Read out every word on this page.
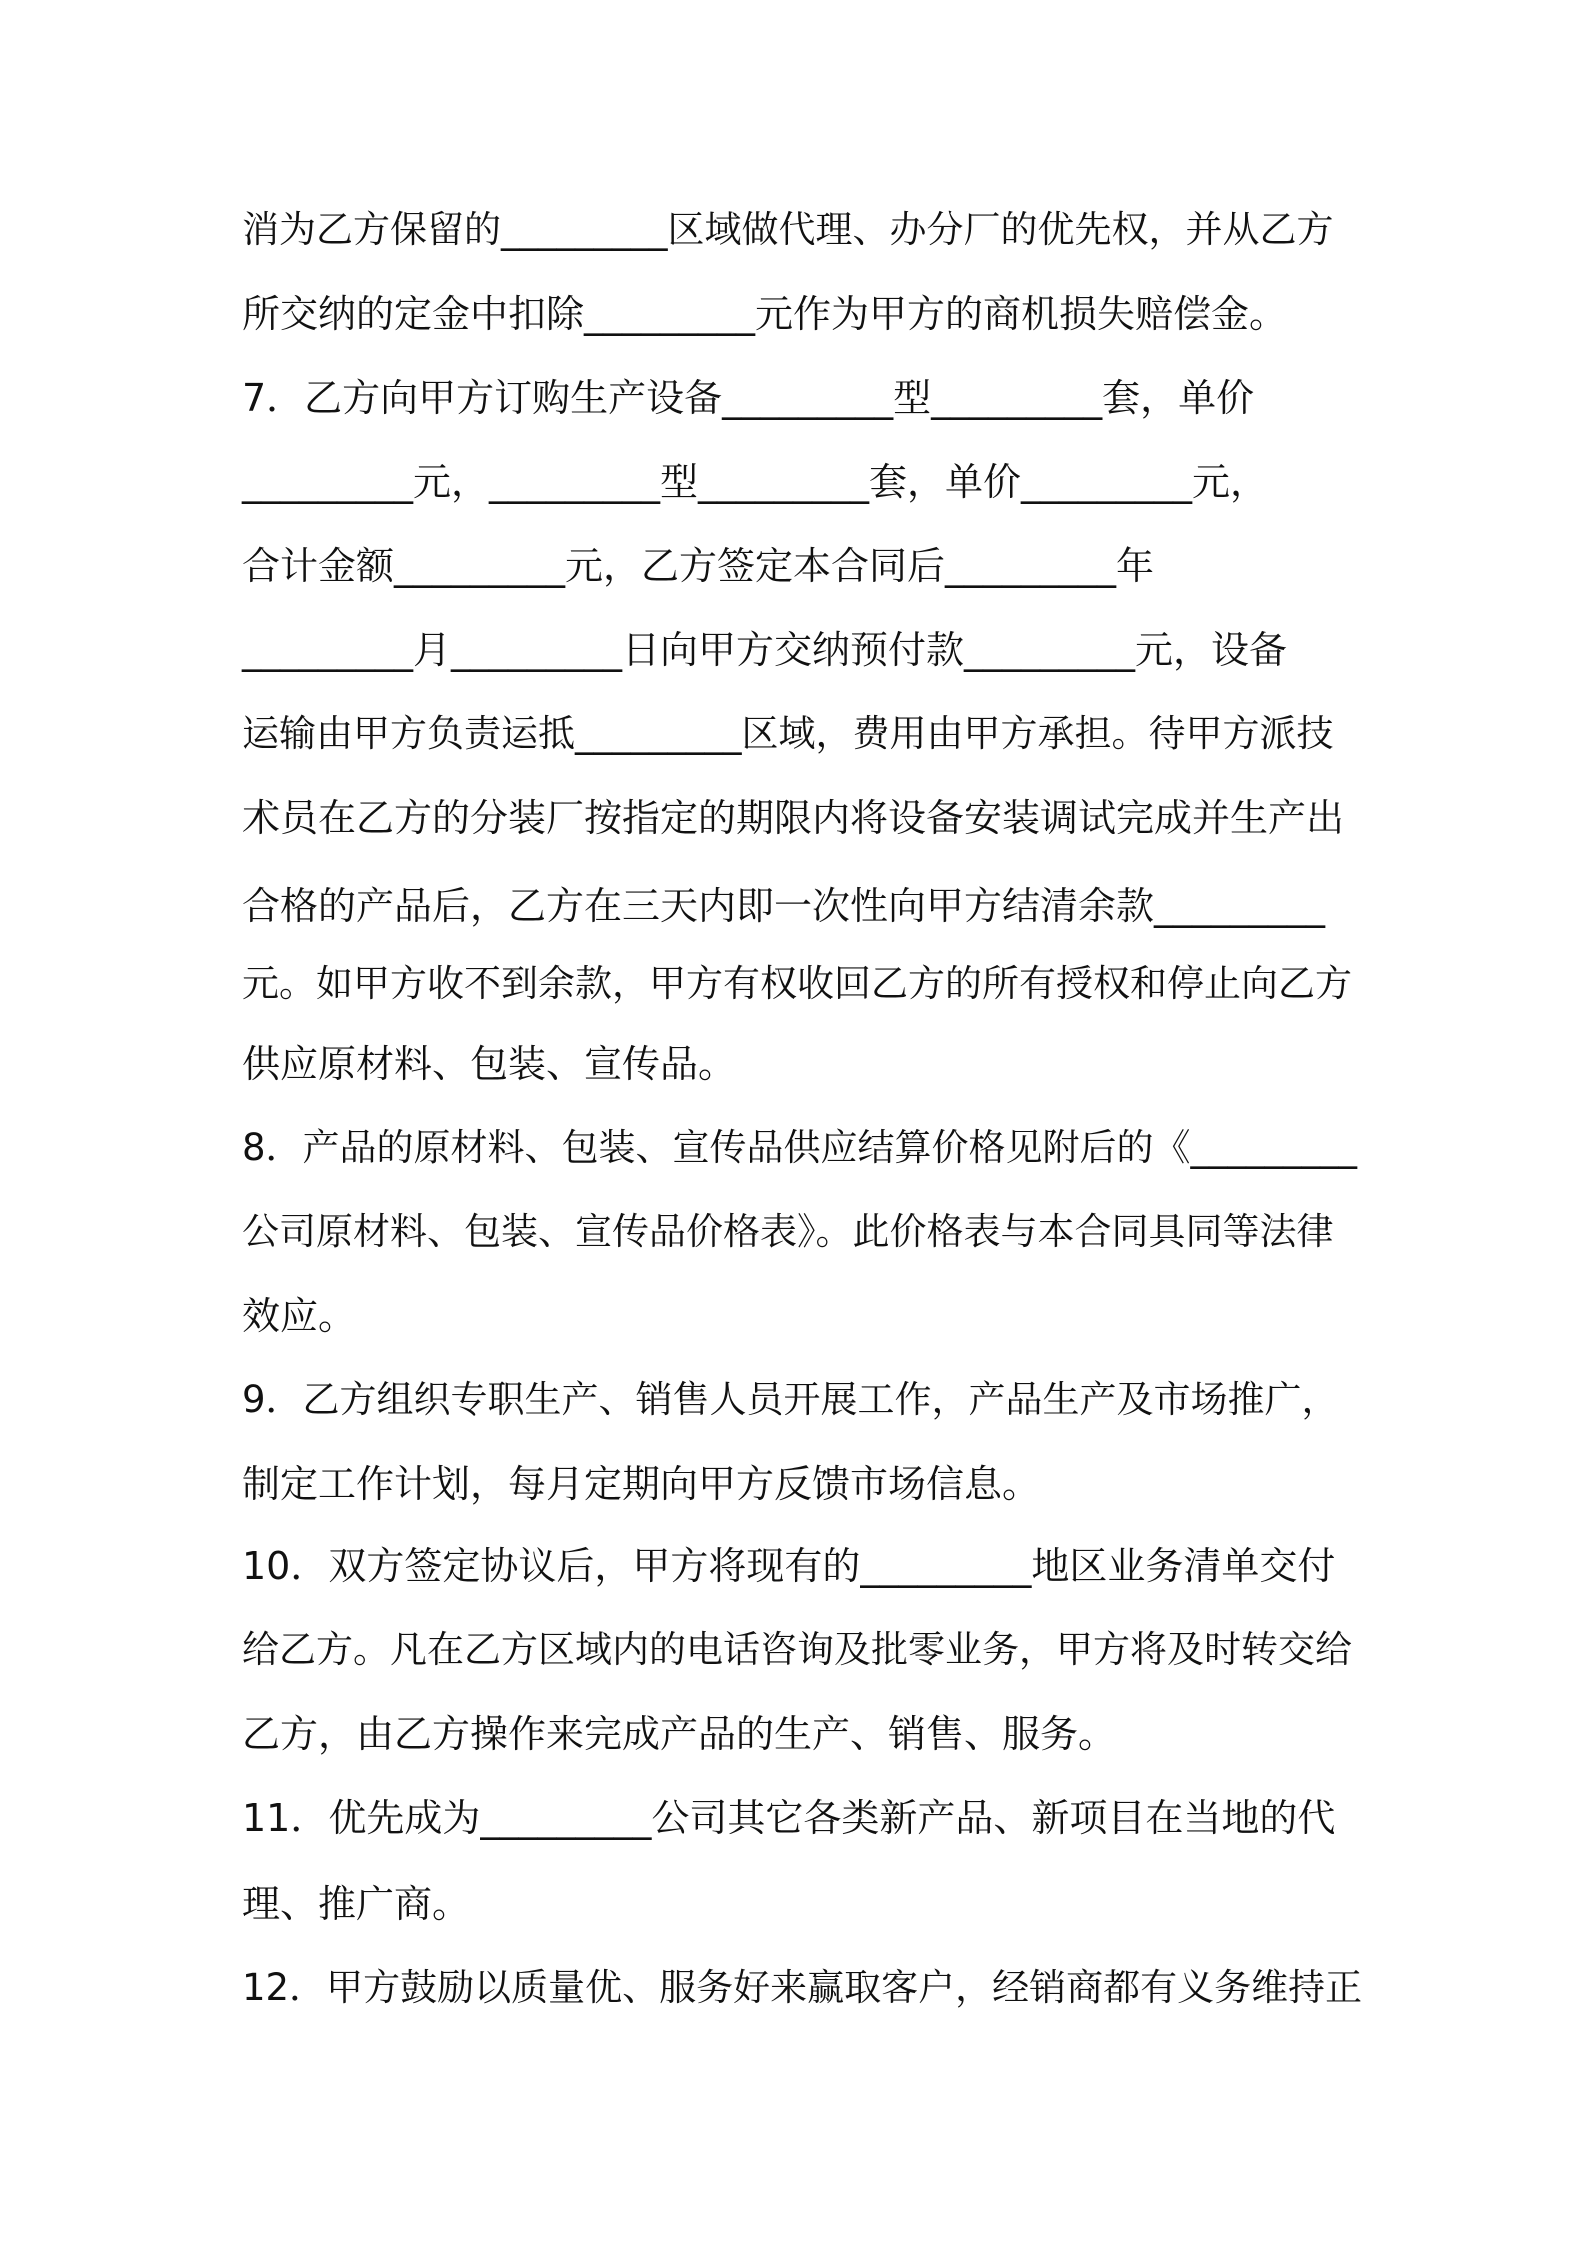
消为乙方保留的_________区域做代理、办分厂的优先权，并从乙方
所交纳的定金中扣除_________元作为甲方的商机损失赔偿金。
7．乙方向甲方订购生产设备_________型_________套，单价
_________元，_________型_________套，单价_________元，
合计金额_________元，乙方签定本合同后_________年
_________月_________日向甲方交纳预付款_________元，设备
运输由甲方负责运抵_________区域，费用由甲方承担。待甲方派技
术员在乙方的分装厂按指定的期限内将设备安装调试完成并生产出
合格的产品后，乙方在三天内即一次性向甲方结清余款_________
元。如甲方收不到余款，甲方有权收回乙方的所有授权和停止向乙方
供应原材料、包装、宣传品。
8．产品的原材料、包装、宣传品供应结算价格见附后的《_________
公司原材料、包装、宣传品价格表》。此价格表与本合同具同等法律
效应。
9．乙方组织专职生产、销售人员开展工作，产品生产及市场推广，
制定工作计划，每月定期向甲方反馈市场信息。
10．双方签定协议后，甲方将现有的_________地区业务清单交付
给乙方。凡在乙方区域内的电话咨询及批零业务，甲方将及时转交给
乙方，由乙方操作来完成产品的生产、销售、服务。
11．优先成为_________公司其它各类新产品、新项目在当地的代
理、推广商。
12．甲方鼓励以质量优、服务好来赢取客户，经销商都有义务维持正
